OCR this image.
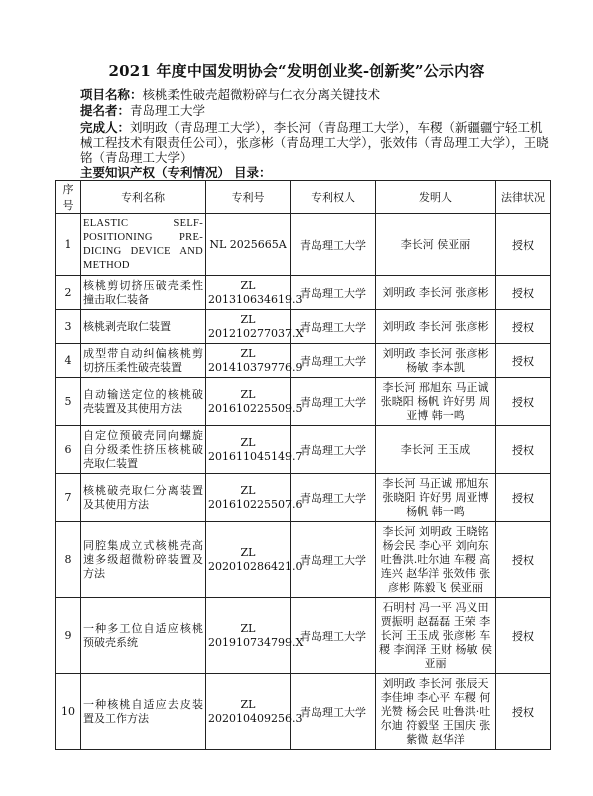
2021 年度中国发明协会“发明创业奖-创新奖”公示内容
项目名称：核桃柔性破壳超微粉碎与仁衣分离关键技术
提名者：青岛理工大学
完成人：刘明政（青岛理工大学），李长河（青岛理工大学），车稷（新疆疆宁轻工机械工程技术有限责任公司），张彦彬（青岛理工大学），张效伟（青岛理工大学），王晓铭（青岛理工大学）
主要知识产权（专利情况） 目录：
序号	专利名称	专利号	专利权人	发明人	法律状况
1	ELASTIC SELF-POSITIONING PRE-DICING DEVICE AND METHOD	NL 2025665A	青岛理工大学	李长河 侯亚丽	授权
2	核桃剪切挤压破壳柔性撞击取仁装备	ZL 201310634619.3	青岛理工大学	刘明政 李长河 张彦彬	授权
3	核桃剥壳取仁装置	ZL 201210277037.X	青岛理工大学	刘明政 李长河 张彦彬	授权
4	成型带自动纠偏核桃剪切挤压柔性破壳装置	ZL 201410379776.9	青岛理工大学	刘明政 李长河 张彦彬 杨敏 李本凯	授权
5	自动输送定位的核桃破壳装置及其使用方法	ZL 201610225509.5	青岛理工大学	李长河 邢旭东 马正诚 张晓阳 杨帆 许好男 周亚博 韩一鸣	授权
6	自定位预破壳同向螺旋自分级柔性挤压核桃破壳取仁装置	ZL 201611045149.7	青岛理工大学	李长河 王玉成	授权
7	核桃破壳取仁分离装置及其使用方法	ZL 201610225507.6	青岛理工大学	李长河 马正诚 邢旭东 张晓阳 许好男 周亚博 杨帆 韩一鸣	授权
8	同腔集成立式核桃壳高速多级超微粉碎装置及方法	ZL 202010286421.0	青岛理工大学	李长河 刘明政 王晓铭 杨会民 李心平 刘向东 吐鲁洪.吐尔迪 车稷 高连兴 赵华洋 张效伟 张彦彬 陈毅飞 侯亚丽	授权
9	一种多工位自适应核桃预破壳系统	ZL 201910734799.X	青岛理工大学	石明村 冯一平 冯义田 贾振明 赵磊磊 王荣 李长河 王玉成 张彦彬 车稷 李润泽 王财 杨敏 侯亚丽	授权
10	一种核桃自适应去皮装置及工作方法	ZL 202010409256.3	青岛理工大学	刘明政 李长河 张辰天 李佳坤 李心平 车稷 何光赞 杨会民 吐鲁洪·吐尔迪 符毅坚 王国庆 张紫微 赵华洋	授权
